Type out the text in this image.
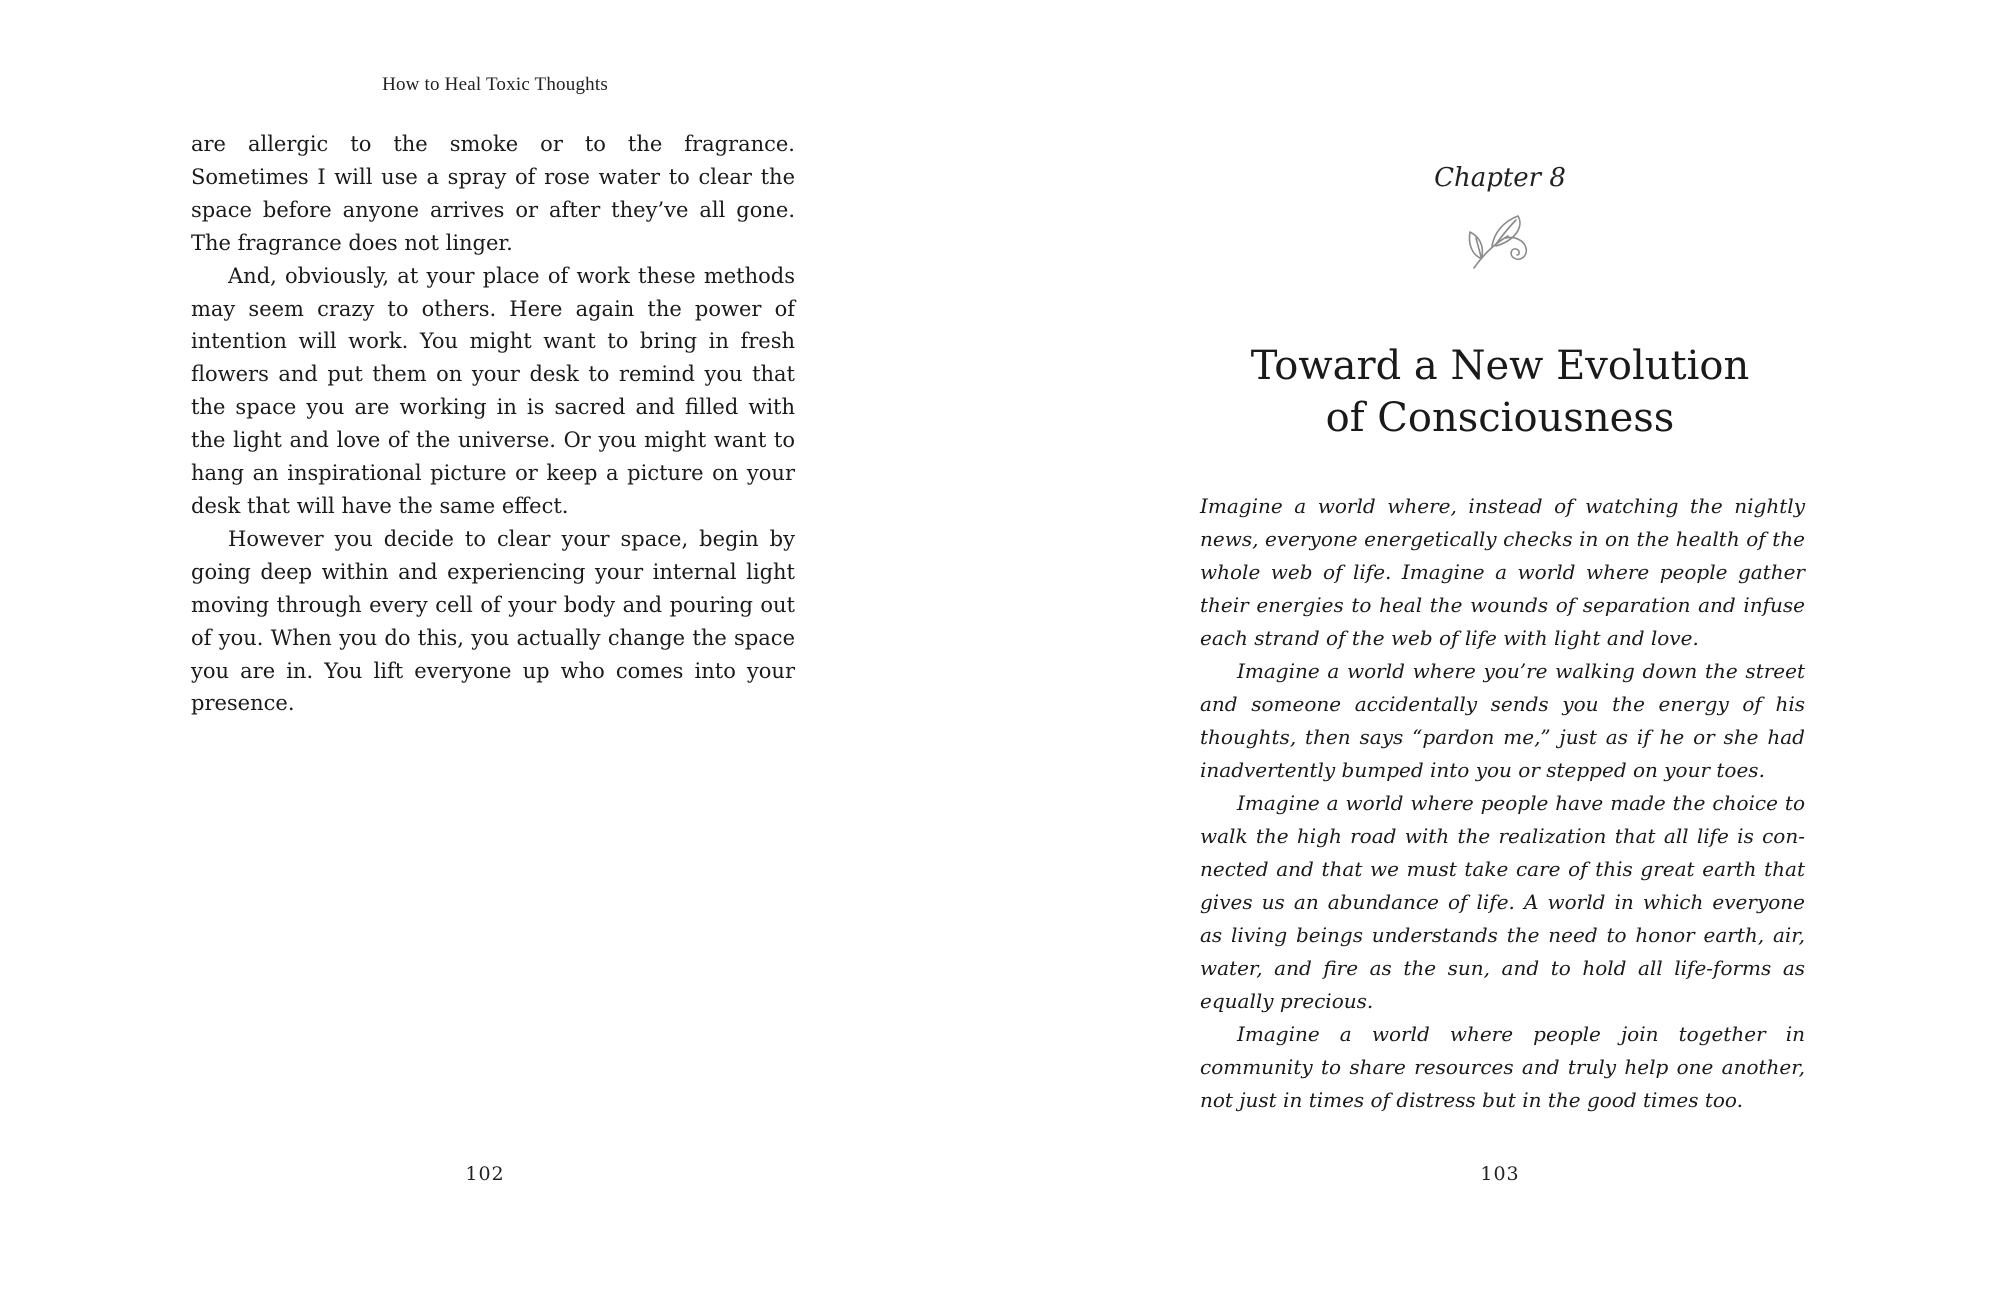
How to Heal Toxic Thoughts

are allergic to the smoke or to the fragrance. Sometimes I will use a spray of rose water to clear the space before anyone arrives or after they’ve all gone. The fragrance does not linger.

And, obviously, at your place of work these methods may seem crazy to others. Here again the power of intention will work. You might want to bring in fresh flowers and put them on your desk to remind you that the space you are working in is sacred and filled with the light and love of the universe. Or you might want to hang an inspirational picture or keep a picture on your desk that will have the same effect.

However you decide to clear your space, begin by going deep within and experiencing your internal light moving through every cell of your body and pouring out of you. When you do this, you actually change the space you are in. You lift everyone up who comes into your presence.

102
Chapter 8
Toward a New Evolution
of Consciousness

Imagine a world where, instead of watching the nightly news, everyone energetically checks in on the health of the whole web of life. Imagine a world where people gather their energies to heal the wounds of separation and infuse each strand of the web of life with light and love.

Imagine a world where you’re walking down the street and someone accidentally sends you the energy of his thoughts, then says “pardon me,” just as if he or she had inadvertently bumped into you or stepped on your toes.

Imagine a world where people have made the choice to walk the high road with the realization that all life is connected and that we must take care of this great earth that gives us an abundance of life. A world in which everyone as living beings understands the need to honor earth, air, water, and fire as the sun, and to hold all life-forms as equally precious.

Imagine a world where people join together in community to share resources and truly help one another, not just in times of distress but in the good times too.

103
